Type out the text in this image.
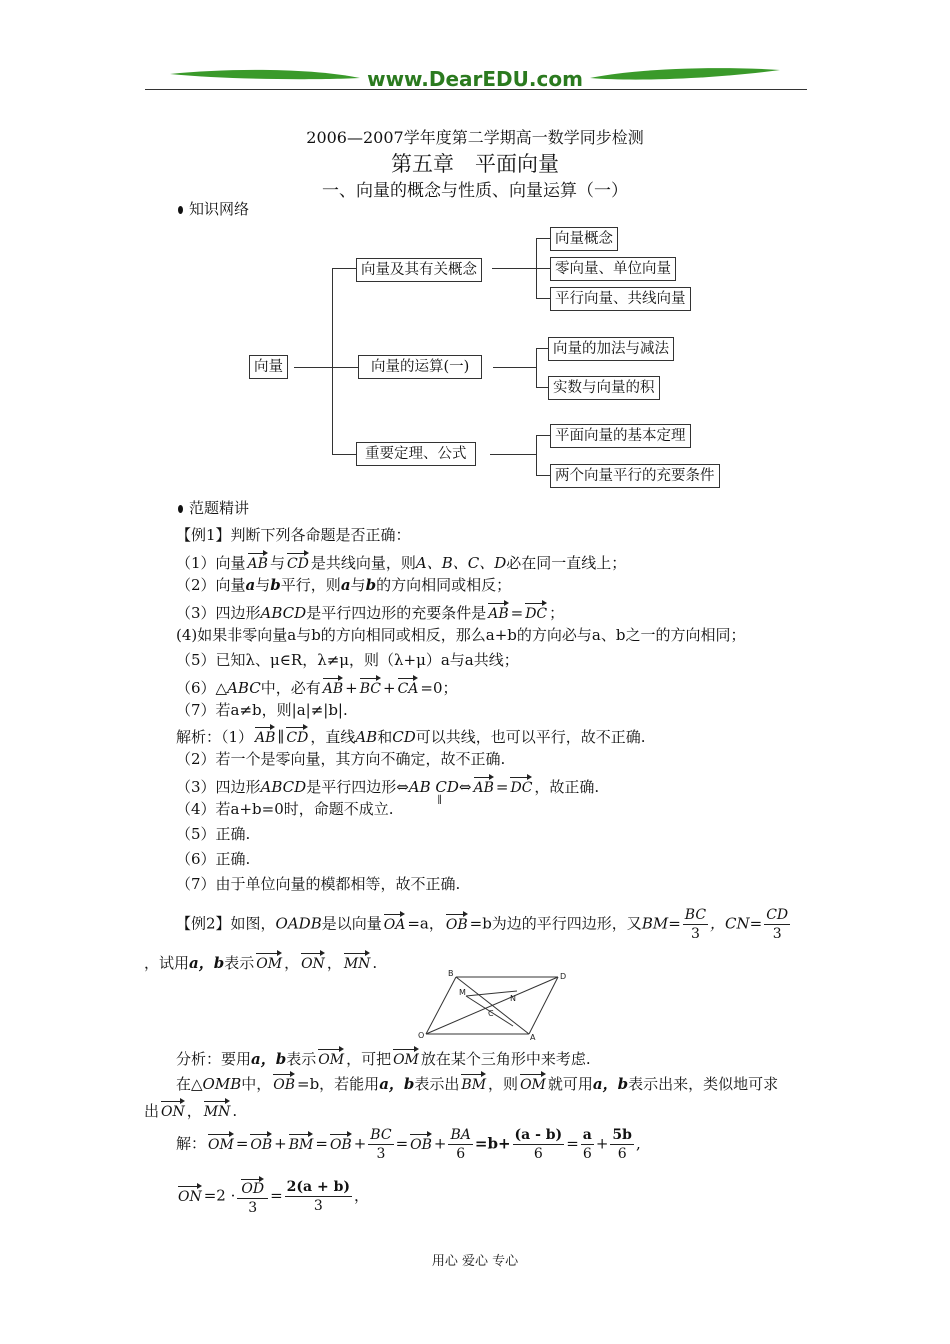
www.DearEDU.com
2006—2007学年度第二学期高一数学同步检测
第五章　平面向量
一、向量的概念与性质、向量运算（一）
知识网络
向量
向量及其有关概念
向量概念
零向量、单位向量
平行向量、共线向量
向量的运算(一)
向量的加法与减法
实数与向量的积
重要定理、公式
平面向量的基本定理
两个向量平行的充要条件
范题精讲
【例1】判断下列各命题是否正确：
（1）向量 AB 与 CD 是共线向量，则A、B、C、D必在同一直线上；
（2）向量a与b平行，则a与b的方向相同或相反；
（3）四边形ABCD是平行四边形的充要条件是 AB = DC ；
(4)如果非零向量a与b的方向相同或相反，那么a+b的方向必与a、b之一的方向相同；
（5）已知λ、μ∈R，λ≠μ，则（λ+μ）a与a共线；
（6）△ABC中，必有 AB + BC + CA =0；
（7）若a≠b，则|a|≠|b|.
解析：（1） AB ∥ CD ，直线AB和CD可以共线，也可以平行，故不正确.
（2）若一个是零向量，其方向不确定，故不正确.
（3）四边形ABCD是平行四边形⇔AB CD
∥
⇔ AB = DC ，故正确.
（4）若a+b=0时，命题不成立.
（5）正确.
（6）正确.
（7）由于单位向量的模都相等，故不正确.
【例2】如图，OADB是以向量 OA =a， OB =b为边的平行四边形，又$BM= \frac{BC}{3}$ ，$CN= \frac{CD}{3}$
，试用a，b表示 OM ， ON ， MN .
B	D
M
N
C
O	A
分析：要用a，b表示 OM ，可把 OM 放在某个三角形中来考虑.
在△OMB中， OB =b，若能用a，b表示出 BM ，则 OM 就可用a，b表示出来，类似地可求
出 ON ， MN .
解： OM = OB + BM = OB + $\frac{BC}{3}$ = OB + $\frac{BA}{6} =b+ \frac{(a - b)}{6} = \frac{a}{6} + \frac{5b}{6}$ ,
ON $=2 \cdot \frac{OD}{3} = \frac{2(a + b)}{3}$ ，
用心 爱心 专心
